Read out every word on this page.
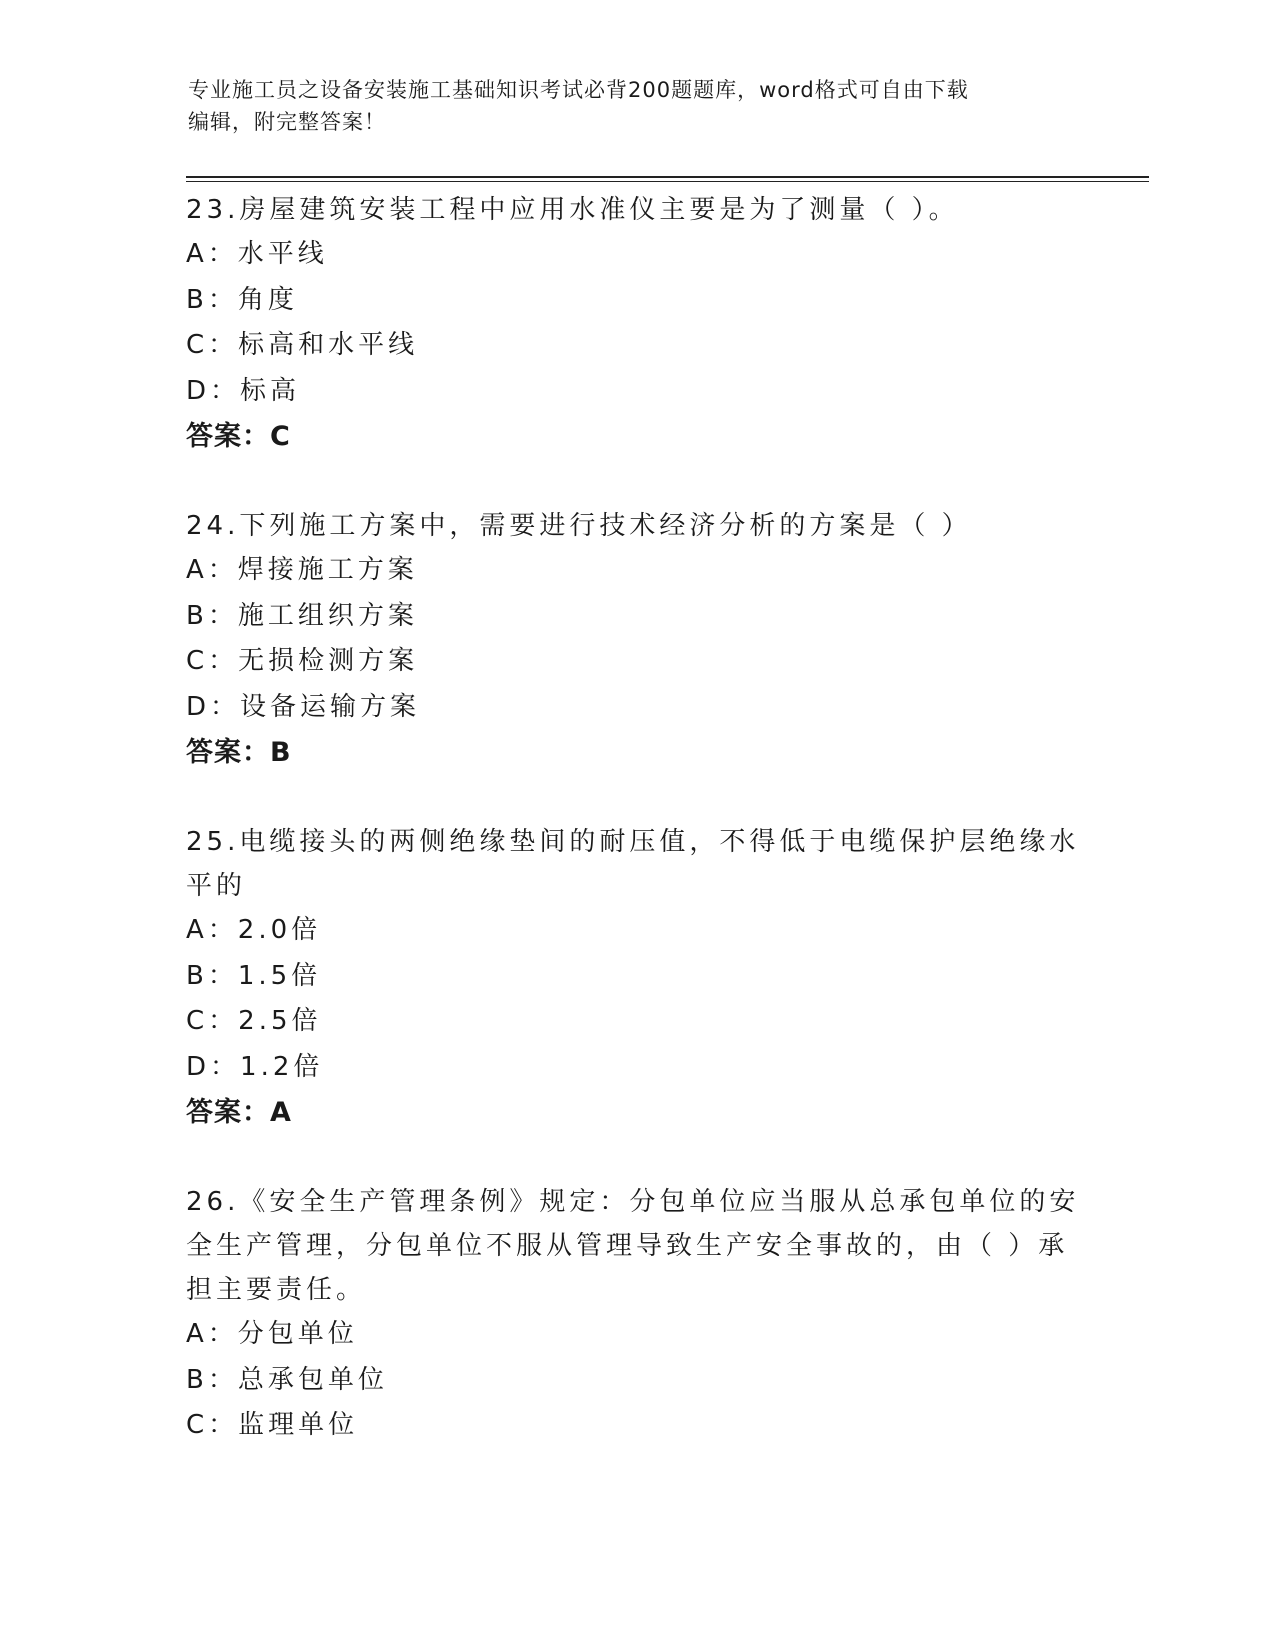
专业施工员之设备安装施工基础知识考试必背200题题库，word格式可自由下载
编辑，附完整答案！

23.房屋建筑安装工程中应用水准仪主要是为了测量（ ）。

A：水平线

B：角度

C：标高和水平线

D：标高

答案：C

24.下列施工方案中，需要进行技术经济分析的方案是（ ）

A：焊接施工方案

B：施工组织方案

C：无损检测方案

D：设备运输方案

答案：B

25.电缆接头的两侧绝缘垫间的耐压值，不得低于电缆保护层绝缘水平的

A：2.0倍

B：1.5倍

C：2.5倍

D：1.2倍

答案：A

26.《安全生产管理条例》规定：分包单位应当服从总承包单位的安全生产管理，分包单位不服从管理导致生产安全事故的，由（ ）承担主要责任。

A：分包单位

B：总承包单位

C：监理单位
